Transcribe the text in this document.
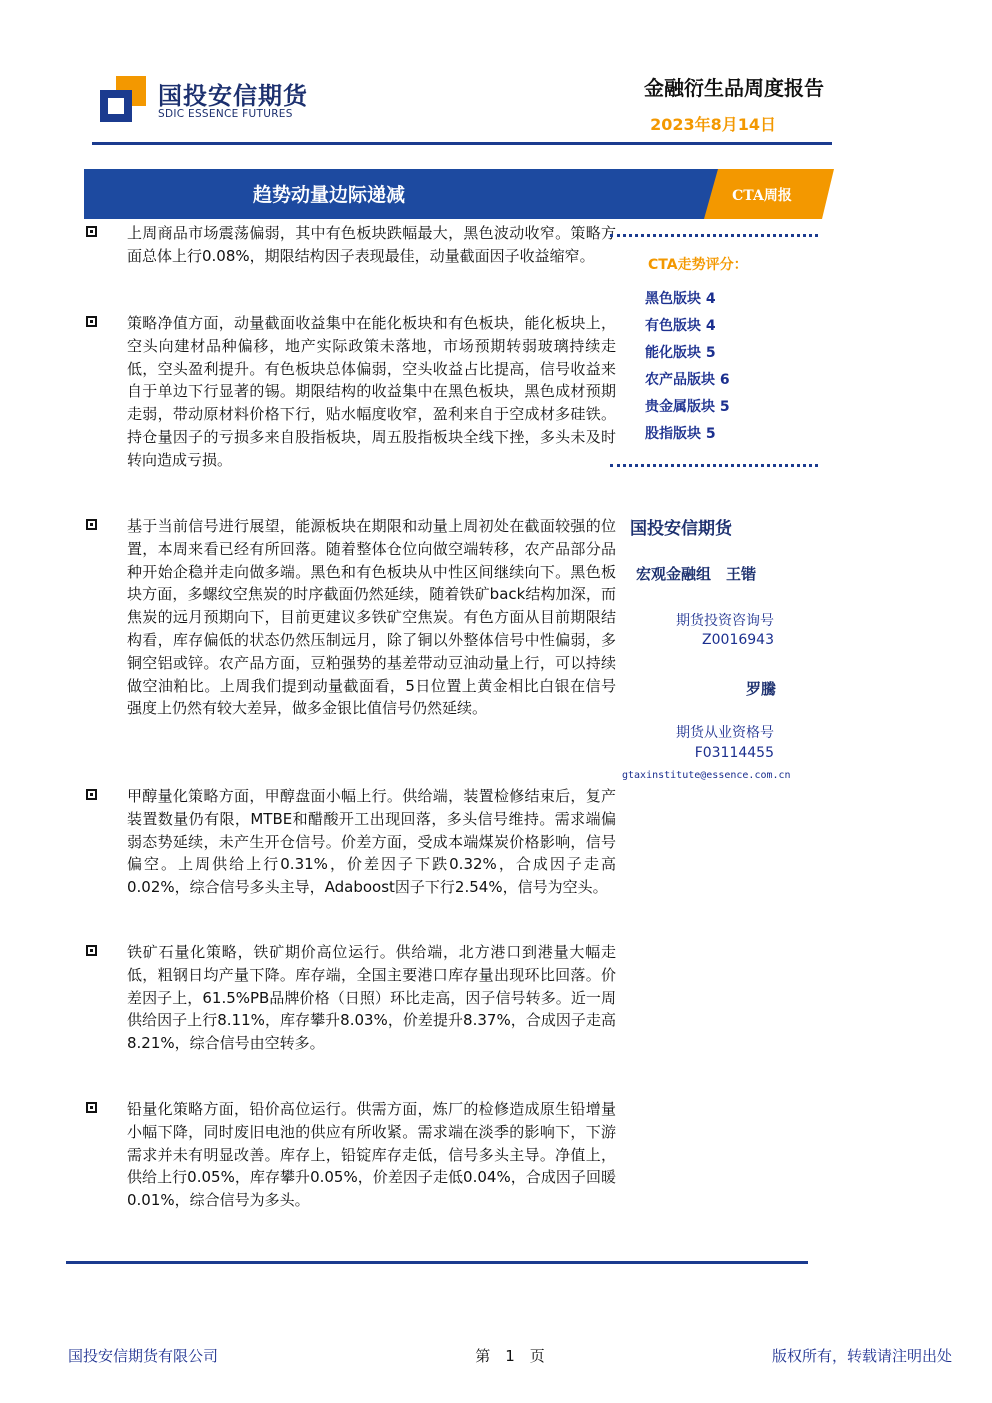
国投安信期货
SDIC ESSENCE FUTURES
金融衍生品周度报告
2023年8月14日
趋势动量边际递减	CTA周报
上周商品市场震荡偏弱，其中有色板块跌幅最大，黑色波动收窄。策略方面总体上行0.08%，期限结构因子表现最佳，动量截面因子收益缩窄。
策略净值方面，动量截面收益集中在能化板块和有色板块，能化板块上，空头向建材品种偏移，地产实际政策未落地，市场预期转弱玻璃持续走低，空头盈利提升。有色板块总体偏弱，空头收益占比提高，信号收益来自于单边下行显著的锡。期限结构的收益集中在黑色板块，黑色成材预期走弱，带动原材料价格下行，贴水幅度收窄，盈利来自于空成材多硅铁。持仓量因子的亏损多来自股指板块，周五股指板块全线下挫，多头未及时转向造成亏损。
基于当前信号进行展望，能源板块在期限和动量上周初处在截面较强的位置，本周来看已经有所回落。随着整体仓位向做空端转移，农产品部分品种开始企稳并走向做多端。黑色和有色板块从中性区间继续向下。黑色板块方面，多螺纹空焦炭的时序截面仍然延续，随着铁矿back结构加深，而焦炭的远月预期向下，目前更建议多铁矿空焦炭。有色方面从目前期限结构看，库存偏低的状态仍然压制远月，除了铜以外整体信号中性偏弱，多铜空铝或锌。农产品方面，豆粕强势的基差带动豆油动量上行，可以持续做空油粕比。上周我们提到动量截面看，5日位置上黄金相比白银在信号强度上仍然有较大差异，做多金银比值信号仍然延续。
甲醇量化策略方面，甲醇盘面小幅上行。供给端，装置检修结束后，复产装置数量仍有限，MTBE和醋酸开工出现回落，多头信号维持。需求端偏弱态势延续，未产生开仓信号。价差方面，受成本端煤炭价格影响，信号偏空。上周供给上行0.31%，价差因子下跌0.32%，合成因子走高0.02%，综合信号多头主导，Adaboost因子下行2.54%，信号为空头。
铁矿石量化策略，铁矿期价高位运行。供给端，北方港口到港量大幅走低，粗钢日均产量下降。库存端，全国主要港口库存量出现环比回落。价差因子上，61.5%PB品牌价格（日照）环比走高，因子信号转多。近一周供给因子上行8.11%，库存攀升8.03%，价差提升8.37%，合成因子走高8.21%，综合信号由空转多。
铅量化策略方面，铅价高位运行。供需方面，炼厂的检修造成原生铅增量小幅下降，同时废旧电池的供应有所收紧。需求端在淡季的影响下，下游需求并未有明显改善。库存上，铅锭库存走低，信号多头主导。净值上，供给上行0.05%，库存攀升0.05%，价差因子走低0.04%，合成因子回暖0.01%，综合信号为多头。
CTA走势评分：
黑色版块 4
有色版块 4
能化版块 5
农产品版块 6
贵金属版块 5
股指版块 5
国投安信期货
宏观金融组　王锴
期货投资咨询号
Z0016943
罗騰
期货从业资格号
F03114455
gtaxinstitute@essence.com.cn
国投安信期货有限公司	第　1　页	版权所有，转载请注明出处
